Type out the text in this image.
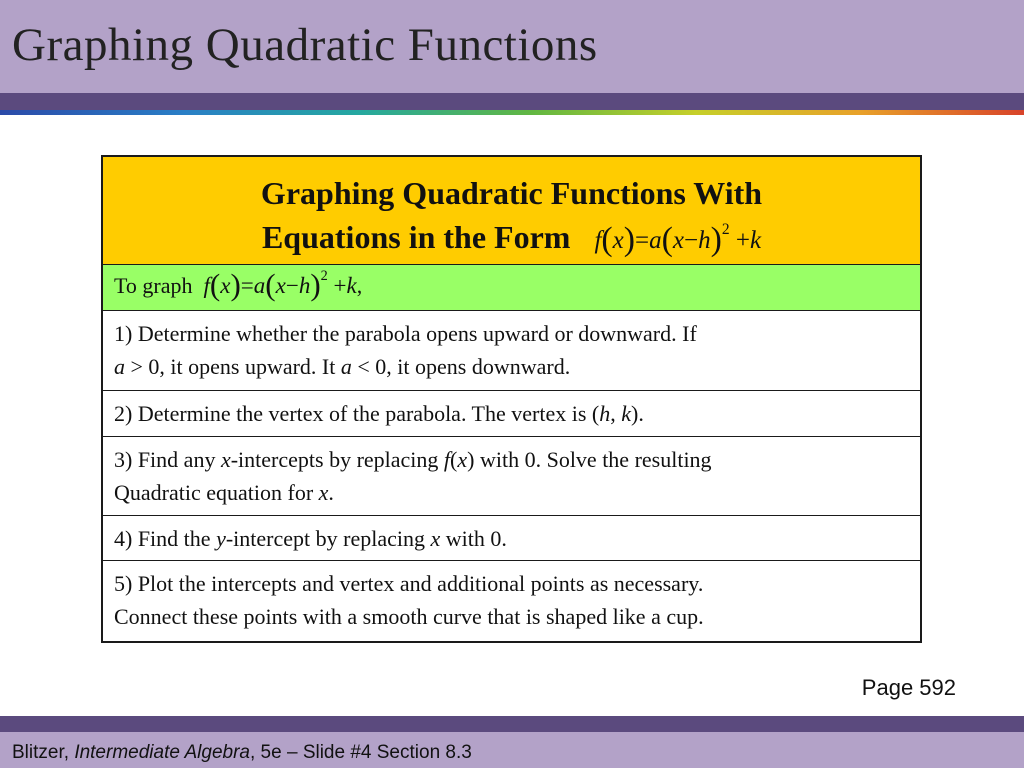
Graphing Quadratic Functions
Graphing Quadratic Functions With
Equations in the Form $f(x)=a(x-h)^2 +k$
To graph $f(x)=a(x-h)^2 +k$,
1) Determine whether the parabola opens upward or downward. If
a > 0, it opens upward. It a < 0, it opens downward.
2) Determine the vertex of the parabola. The vertex is (h, k).
3) Find any x-intercepts by replacing f(x) with 0. Solve the resulting
Quadratic equation for x.
4) Find the y-intercept by replacing x with 0.
5) Plot the intercepts and vertex and additional points as necessary.
Connect these points with a smooth curve that is shaped like a cup.
Page 592
Blitzer, Intermediate Algebra, 5e – Slide #4 Section 8.3
